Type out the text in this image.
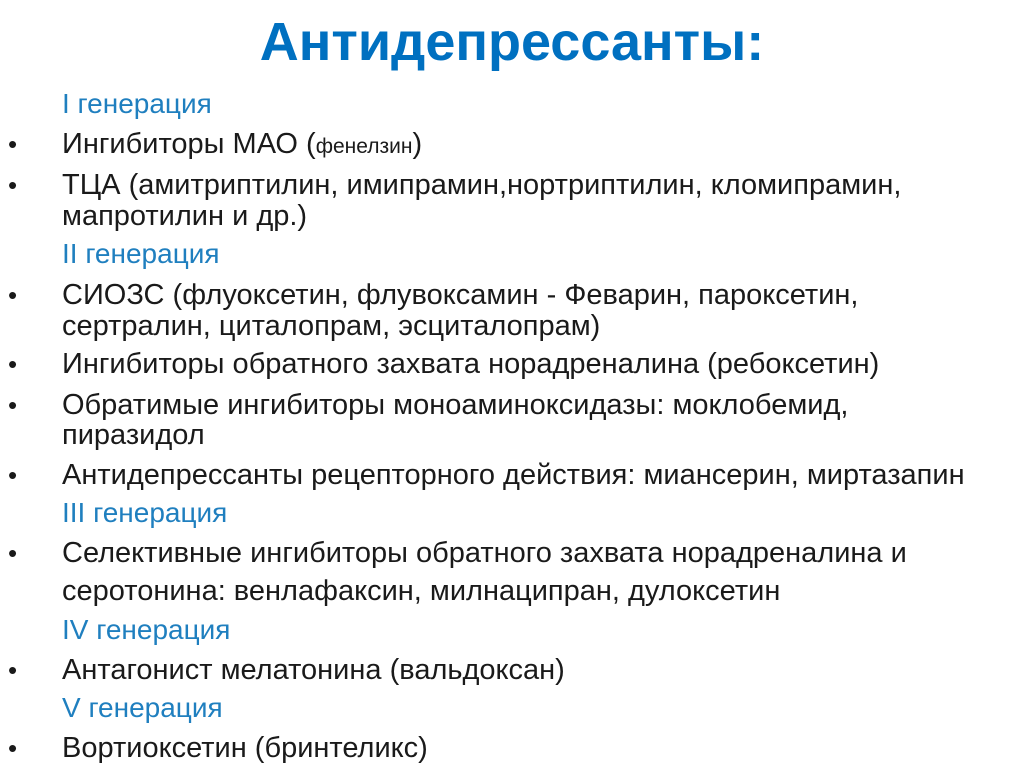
Антидепрессанты:
I генерация
• Ингибиторы МАО (фенелзин)
• ТЦА (амитриптилин, имипрамин,нортриптилин, кломипрамин,
мапротилин и др.)
II генерация
• СИОЗС (флуоксетин, флувоксамин - Феварин, пароксетин,
сертралин, циталопрам, эсциталопрам)
• Ингибиторы обратного захвата норадреналина (ребоксетин)
• Обратимые ингибиторы моноаминоксидазы: моклобемид,
пиразидол
• Антидепрессанты рецепторного действия: миансерин, миртазапин
III генерация
• Селективные ингибиторы обратного захвата норадреналина и
серотонина: венлафаксин, милнаципран, дулоксетин
IV генерация
• Антагонист мелатонина (вальдоксан)
V генерация
• Вортиоксетин (бринтеликс)
